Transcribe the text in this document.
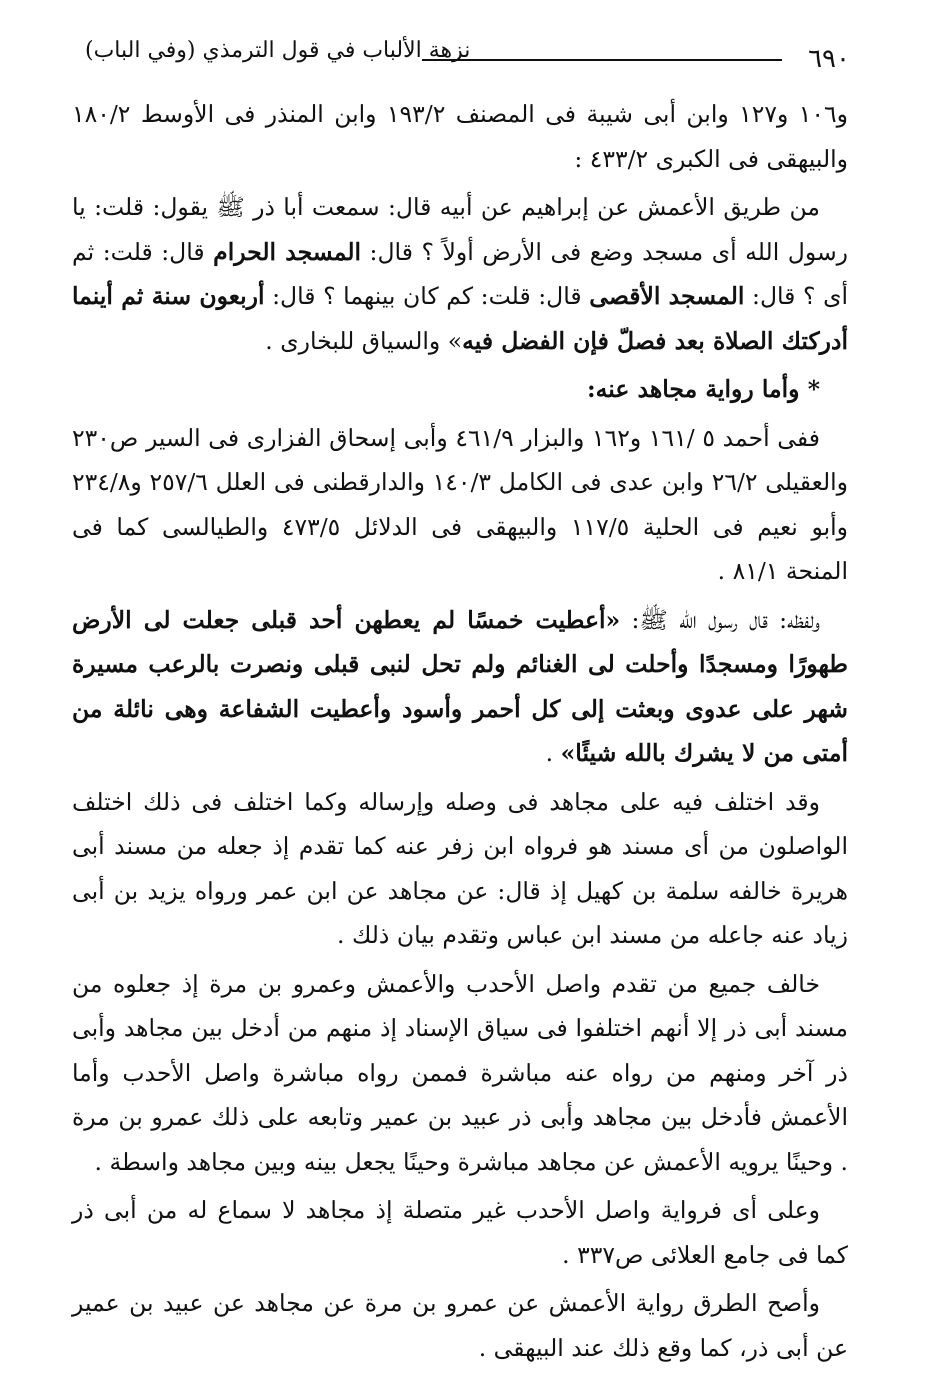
نزهة الألباب في قول الترمذي (وفي الباب)	٦٩٠

و١٠٦ و١٢٧ وابن أبى شيبة فى المصنف ١٩٣/٢ وابن المنذر فى الأوسط ١٨٠/٢ والبيهقى فى الكبرى ٤٣٣/٢ :

من طريق الأعمش عن إبراهيم عن أبيه قال: سمعت أبا ذر ﷺ يقول: قلت: يا رسول الله أى مسجد وضع فى الأرض أولاً ؟ قال: المسجد الحرام قال: قلت: ثم أى ؟ قال: المسجد الأقصى قال: قلت: كم كان بينهما ؟ قال: أربعون سنة ثم أينما أدركتك الصلاة بعد فصلّ فإن الفضل فيه» والسياق للبخارى .

* وأما رواية مجاهد عنه:

ففى أحمد ٥ /١٦١ و١٦٢ والبزار ٤٦١/٩ وأبى إسحاق الفزارى فى السير ص٢٣٠ والعقيلى ٢٦/٢ وابن عدى فى الكامل ١٤٠/٣ والدارقطنى فى العلل ٢٥٧/٦ و٢٣٤/٨ وأبو نعيم فى الحلية ١١٧/٥ والبيهقى فى الدلائل ٤٧٣/٥ والطيالسى كما فى المنحة ٨١/١ .

ولفظه: قال رسول الله ﷺ: «أعطيت خمسًا لم يعطهن أحد قبلى جعلت لى الأرض طهورًا ومسجدًا وأحلت لى الغنائم ولم تحل لنبى قبلى ونصرت بالرعب مسيرة شهر على عدوى وبعثت إلى كل أحمر وأسود وأعطيت الشفاعة وهى نائلة من أمتى من لا يشرك بالله شيئًا» .

وقد اختلف فيه على مجاهد فى وصله وإرساله وكما اختلف فى ذلك اختلف الواصلون من أى مسند هو فرواه ابن زفر عنه كما تقدم إذ جعله من مسند أبى هريرة خالفه سلمة بن كهيل إذ قال: عن مجاهد عن ابن عمر ورواه يزيد بن أبى زياد عنه جاعله من مسند ابن عباس وتقدم بيان ذلك .

خالف جميع من تقدم واصل الأحدب والأعمش وعمرو بن مرة إذ جعلوه من مسند أبى ذر إلا أنهم اختلفوا فى سياق الإسناد إذ منهم من أدخل بين مجاهد وأبى ذر آخر ومنهم من رواه عنه مباشرة فممن رواه مباشرة واصل الأحدب وأما الأعمش فأدخل بين مجاهد وأبى ذر عبيد بن عمير وتابعه على ذلك عمرو بن مرة . وحينًا يرويه الأعمش عن مجاهد مباشرة وحينًا يجعل بينه وبين مجاهد واسطة .

وعلى أى فرواية واصل الأحدب غير متصلة إذ مجاهد لا سماع له من أبى ذر كما فى جامع العلائى ص٣٣٧ .

وأصح الطرق رواية الأعمش عن عمرو بن مرة عن مجاهد عن عبيد بن عمير عن أبى ذر، كما وقع ذلك عند البيهقى .
